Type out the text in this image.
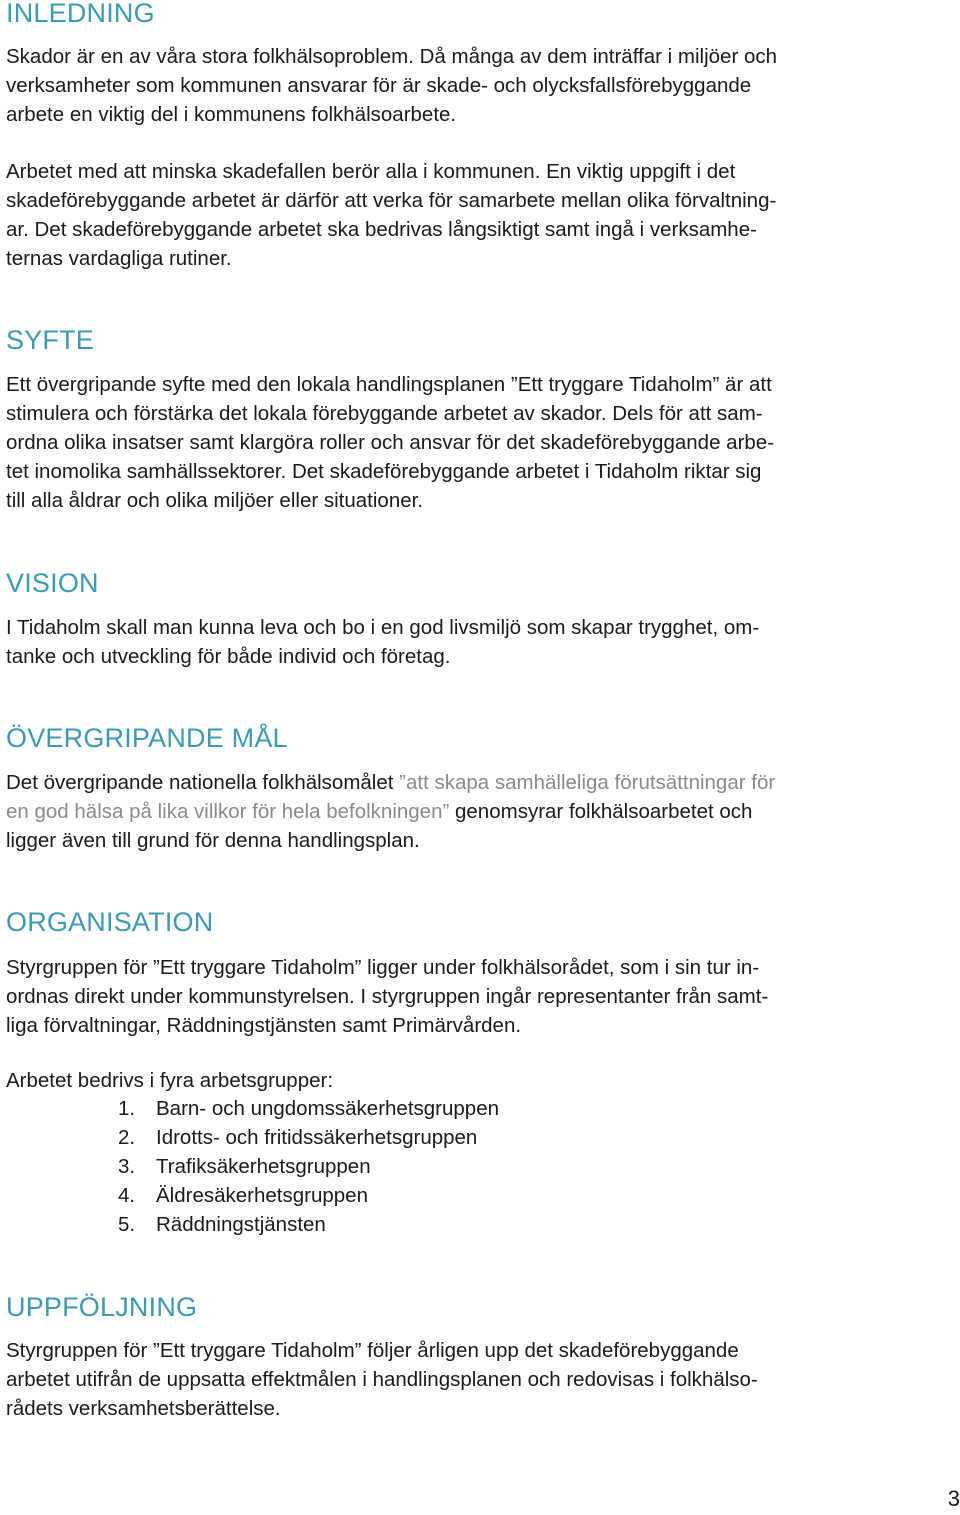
INLEDNING
Skador är en av våra stora folkhälsoproblem. Då många av dem inträffar i miljöer och
verksamheter som kommunen ansvarar för är skade- och olycksfallsförebyggande
arbete en viktig del i kommunens folkhälsoarbete.
Arbetet med att minska skadefallen berör alla i kommunen. En viktig uppgift i det
skadeförebyggande arbetet är därför att verka för samarbete mellan olika förvaltning-
ar. Det skadeförebyggande arbetet ska bedrivas långsiktigt samt ingå i verksamhe-
ternas vardagliga rutiner.
SYFTE
Ett övergripande syfte med den lokala handlingsplanen ”Ett tryggare Tidaholm” är att
stimulera och förstärka det lokala förebyggande arbetet av skador. Dels för att sam-
ordna olika insatser samt klargöra roller och ansvar för det skadeförebyggande arbe-
tet inomolika samhällssektorer. Det skadeförebyggande arbetet i Tidaholm riktar sig
till alla åldrar och olika miljöer eller situationer.
VISION
I Tidaholm skall man kunna leva och bo i en god livsmiljö som skapar trygghet, om-
tanke och utveckling för både individ och företag.
ÖVERGRIPANDE MÅL
Det övergripande nationella folkhälsomålet ”att skapa samhälleliga förutsättningar för
en god hälsa på lika villkor för hela befolkningen” genomsyrar folkhälsoarbetet och
ligger även till grund för denna handlingsplan.
ORGANISATION
Styrgruppen för ”Ett tryggare Tidaholm” ligger under folkhälsorådet, som i sin tur in-
ordnas direkt under kommunstyrelsen. I styrgruppen ingår representanter från samt-
liga förvaltningar, Räddningstjänsten samt Primärvården.
Arbetet bedrivs i fyra arbetsgrupper:
1. Barn- och ungdomssäkerhetsgruppen
2. Idrotts- och fritidssäkerhetsgruppen
3. Trafiksäkerhetsgruppen
4. Äldresäkerhetsgruppen
5. Räddningstjänsten
UPPFÖLJNING
Styrgruppen för ”Ett tryggare Tidaholm” följer årligen upp det skadeförebyggande
arbetet utifrån de uppsatta effektmålen i handlingsplanen och redovisas i folkhälso-
rådets verksamhetsberättelse.
3
